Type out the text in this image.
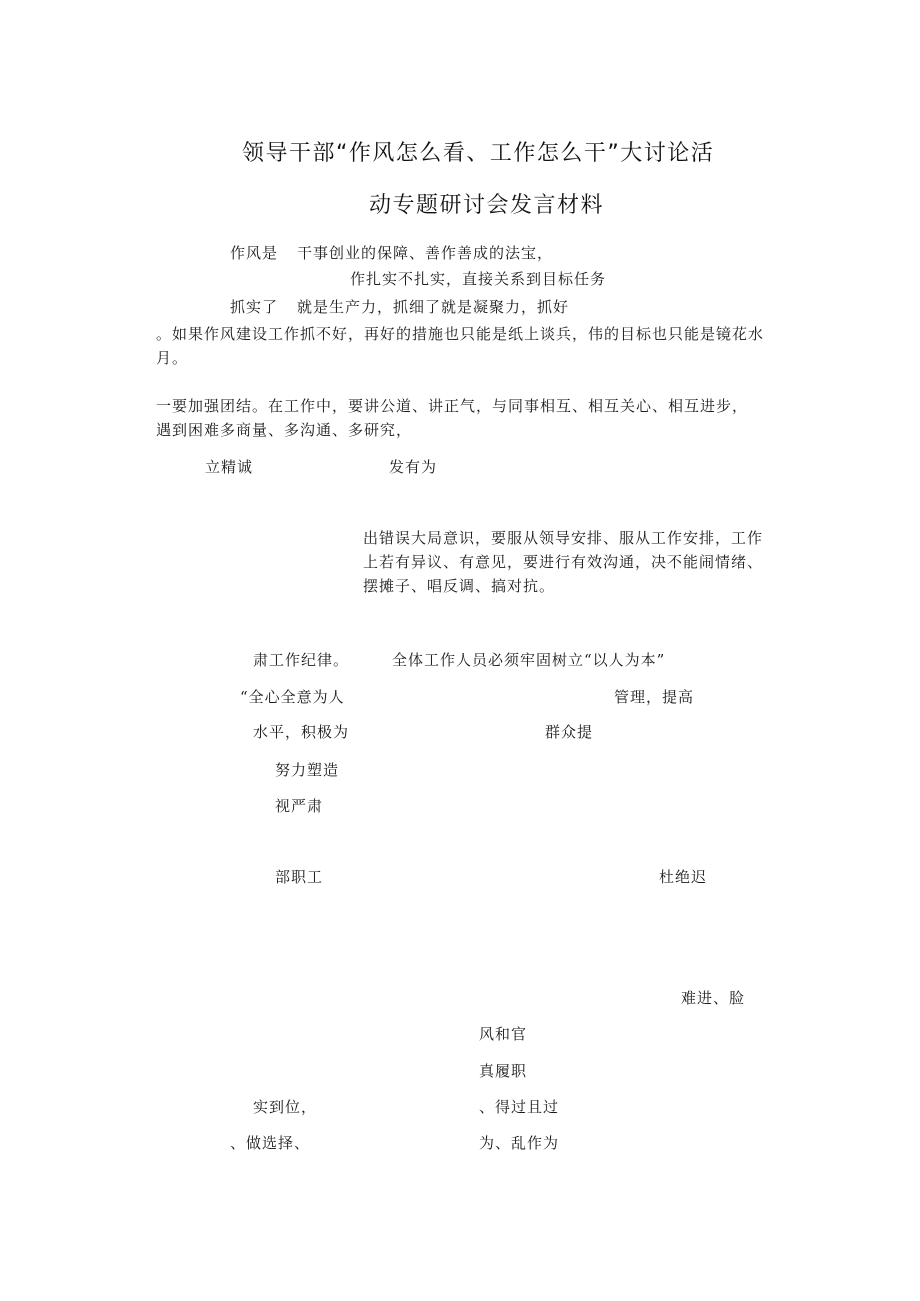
领导干部“作风怎么看、工作怎么干”大讨论活
动专题研讨会发言材料
作风是 干事创业的保障、善作善成的法宝，
作扎实不扎实，直接关系到目标任务
抓实了 就是生产力，抓细了就是凝聚力，抓好
。如果作风建设工作抓不好，再好的措施也只能是纸上谈兵，伟的目标也只能是镜花水月。
一要加强团结。在工作中，要讲公道、讲正气，与同事相互、相互关心、相互进步，遇到困难多商量、多沟通、多研究，
立精诚	发有为
出错误大局意识，要服从领导安排、服从工作安排，工作上若有异议、有意见，要进行有效沟通，决不能闹情绪、摆摊子、唱反调、搞对抗。
肃工作纪律。	全体工作人员必须牢固树立“以人为本”
“全心全意为人	管理，提高
水平，积极为	群众提
努力塑造
视严肃
部职工	杜绝迟
难进、脸
风和官
真履职
实到位，	、得过且过
、做选择、	为、乱作为
